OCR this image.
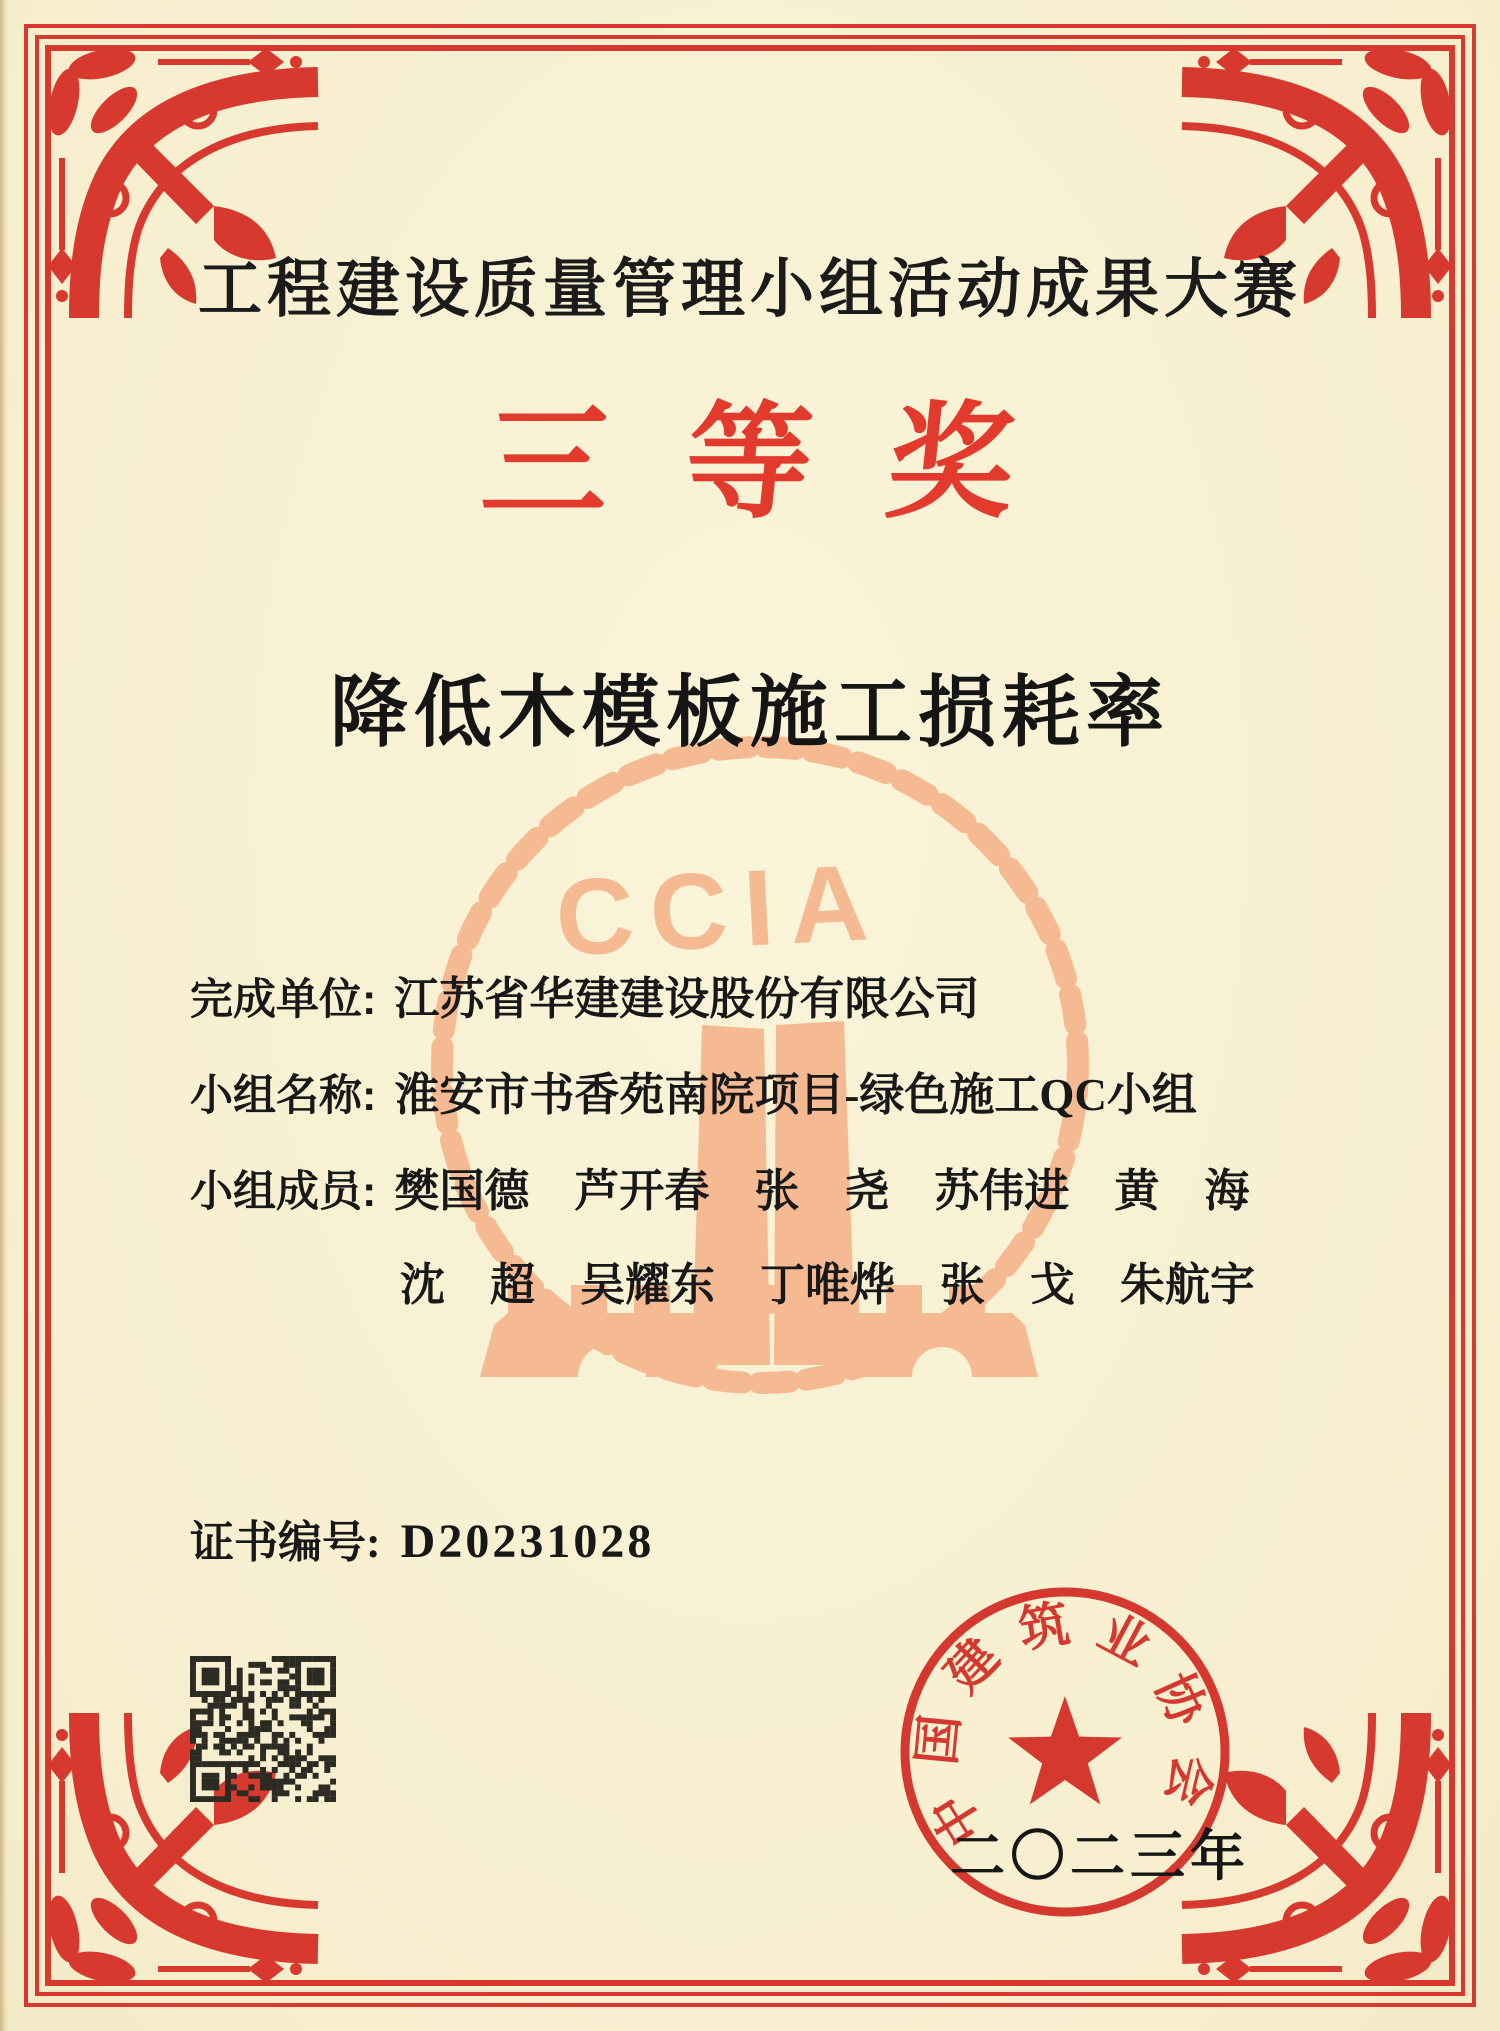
CCIA
工程建设质量管理小组活动成果大赛
三等奖
降低木模板施工损耗率
完成单位: 江苏省华建建设股份有限公司
小组名称: 淮安市书香苑南院项目-绿色施工QC小组
小组成员: 樊国德　芦开春　张　尧　苏伟进　黄　海
沈　超　吴耀东　丁唯烨　张　戈　朱航宇
证书编号: D20231028
中
国
建
筑 业
协
会
二〇二三年
